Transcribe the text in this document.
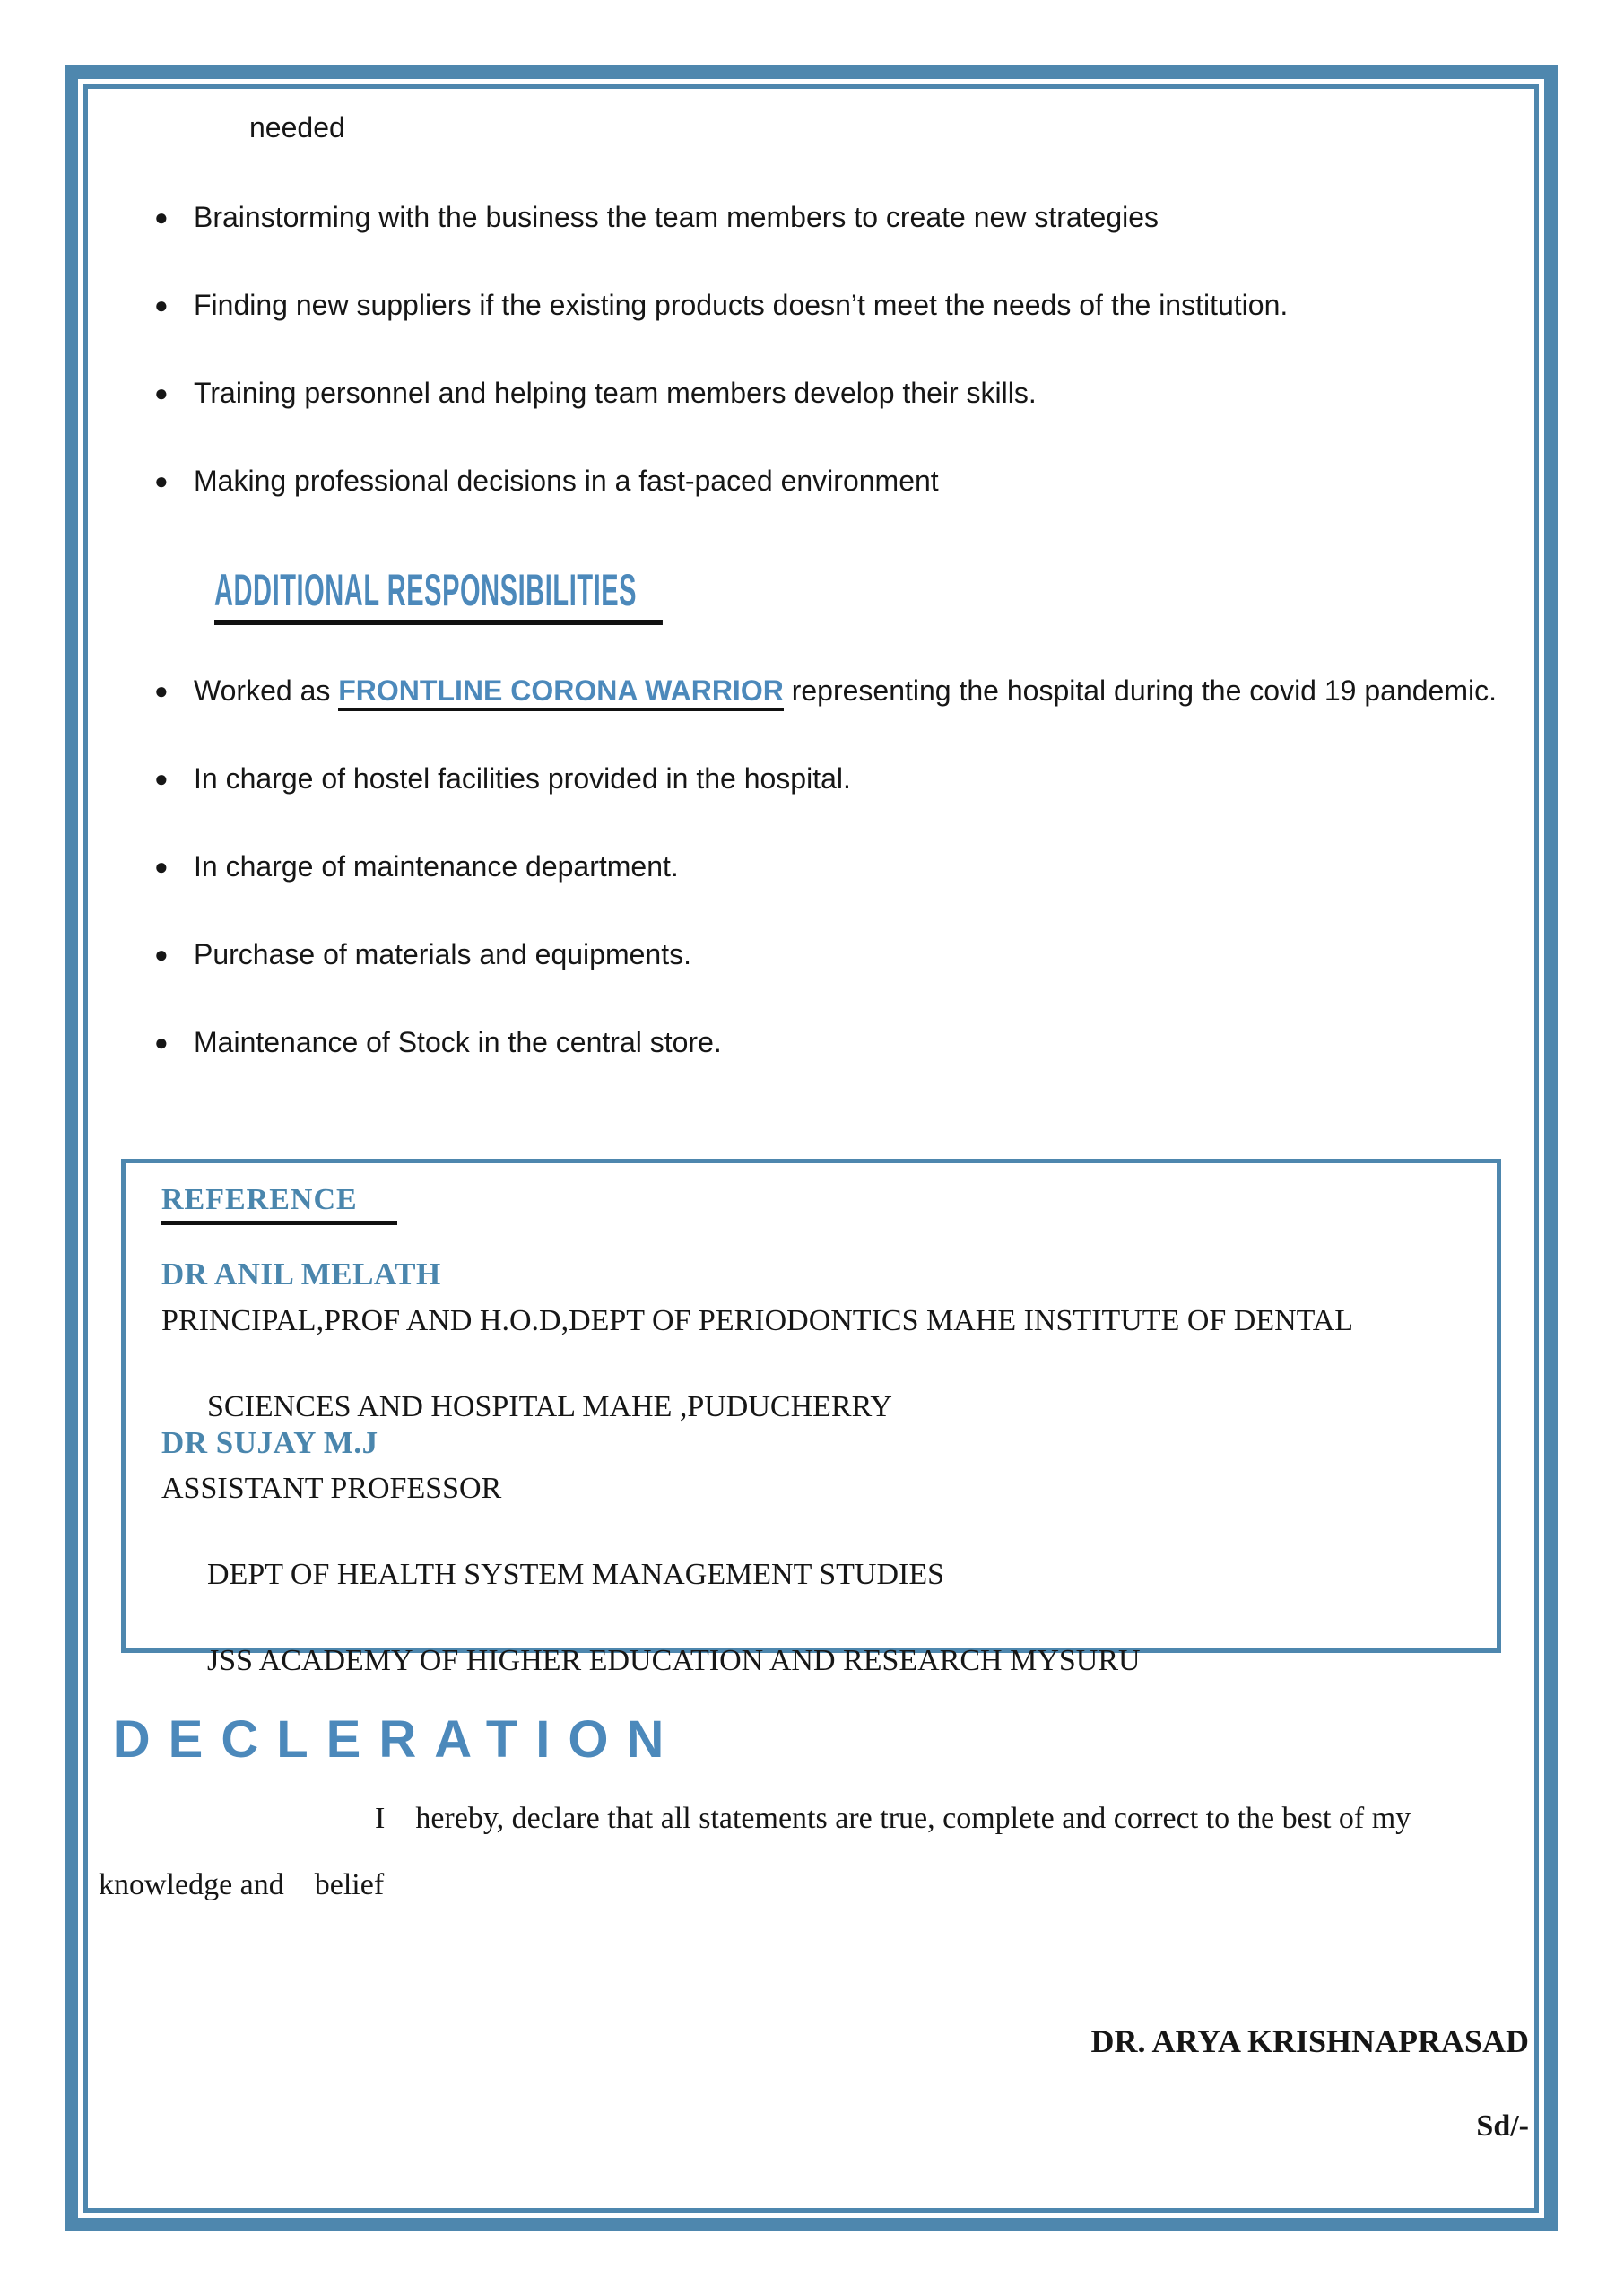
needed
● Brainstorming with the business the team members to create new strategies
● Finding new suppliers if the existing products doesn’t meet the needs of the institution.
● Training personnel and helping team members develop their skills.
● Making professional decisions in a fast-paced environment

ADDITIONAL RESPONSIBILITIES

● Worked as FRONTLINE CORONA WARRIOR representing the hospital during the covid 19 pandemic.
● In charge of hostel facilities provided in the hospital.
● In charge of maintenance department.
● Purchase of materials and equipments.
● Maintenance of Stock in the central store.
REFERENCE
DR ANIL MELATH
PRINCIPAL,PROF AND H.O.D,DEPT OF PERIODONTICS MAHE INSTITUTE OF DENTAL

SCIENCES AND HOSPITAL MAHE ,PUDUCHERRY

DR SUJAY M.J
ASSISTANT PROFESSOR

DEPT OF HEALTH SYSTEM MANAGEMENT STUDIES

JSS ACADEMY OF HIGHER EDUCATION AND RESEARCH MYSURU

DECLERATION

I    hereby, declare that all statements are true, complete and correct to the best of my
knowledge and    belief
DR. ARYA KRISHNAPRASAD
Sd/-
